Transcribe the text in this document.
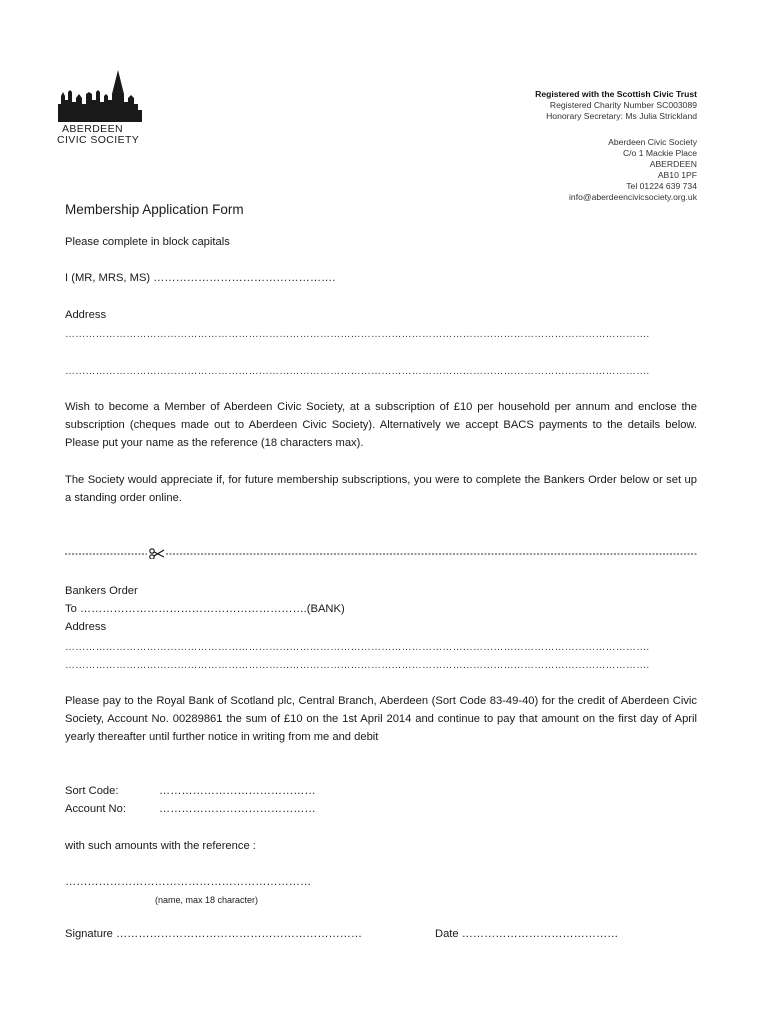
ABERDEEN
CIVIC SOCIETY
Registered with the Scottish Civic Trust
Registered Charity Number SC003089
Honorary Secretary: Ms Julia Strickland
Aberdeen Civic Society
C/o 1 Mackie Place
ABERDEEN
AB10 1PF
Tel 01224 639 734
info@aberdeencivicsociety.org.uk
Membership Application Form
Please complete in block capitals
I (MR, MRS, MS) ………………………………………….
Address
……………………………………………………………………………………………………………………………………………………….
……………………………………………………………………………………………………………………………………………………….
Wish to become a Member of Aberdeen Civic Society, at a subscription of £10 per household per annum and enclose the subscription (cheques made out to Aberdeen Civic Society). Alternatively we accept BACS payments to the details below. Please put your name as the reference (18 characters max).
The Society would appreciate if, for future membership subscriptions, you were to complete the Bankers Order below or set up a standing order online.
Bankers Order
To …………………………………………………….(BANK)
Address
……………………………………………………………………………………………………………………………………………………….
……………………………………………………………………………………………………………………………………………………….
Please pay to the Royal Bank of Scotland plc, Central Branch, Aberdeen (Sort Code 83-49-40) for the credit of Aberdeen Civic Society, Account No. 00289861 the sum of £10 on the 1st April 2014 and continue to pay that amount on the first day of April yearly thereafter until further notice in writing from me and debit
Sort Code:	……………………………………
Account No:	……………………………………
with such amounts with the reference :
…………………………………………………………
(name, max 18 character)
Signature …………………………………………………………	Date ……………………………………
